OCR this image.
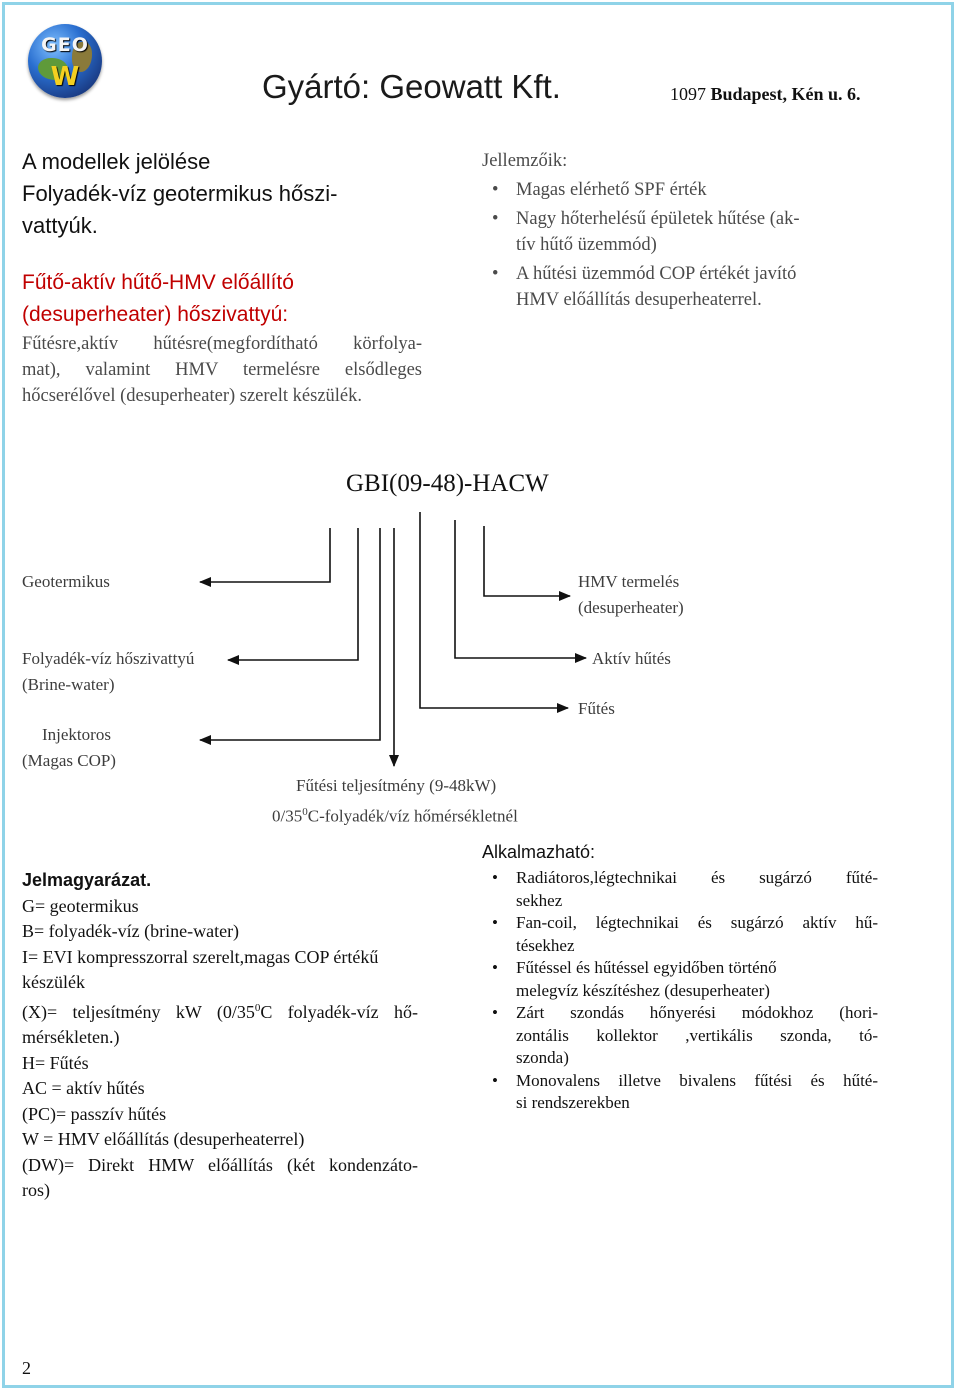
GEO
W	Gyártó: Geowatt Kft.	1097 Budapest, Kén u. 6.
A modellek jelölése
Folyadék-víz geotermikus hőszi-
vattyúk.
Fűtő-aktív hűtő-HMV előállító
(desuperheater) hőszivattyú:
Fűtésre,aktív hűtésre(megfordítható körfolya-
mat), valamint HMV termelésre elsődleges
hőcserélővel (desuperheater) szerelt készülék.
Jellemzőik:
• Magas elérhető SPF érték
• Nagy hőterhelésű épületek hűtése (ak-
tív hűtő üzemmód)
• A hűtési üzemmód COP értékét javító
HMV előállítás desuperheaterrel.
GBI(09-48)-HACW
Geotermikus	HMV termelés
(desuperheater)
Folyadék-víz hőszivattyú
(Brine-water)
Aktív hűtés
Fűtés
Injektoros
(Magas COP)
Fűtési teljesítmény (9-48kW)
$0/35^0C-folyadék$/víz hőmérsékletnél
Jelmagyarázat.
G= geotermikus
B= folyadék-víz (brine-water)
I= EVI kompresszorral szerelt,magas COP értékű
készülék
(X)= teljesítmény kW ($0/35^0C$ folyadék-víz hő-
mérsékleten.)
H= Fűtés
AC = aktív hűtés
(PC)= passzív hűtés
W = HMV előállítás (desuperheaterrel)
(DW)= Direkt HMW előállítás (két kondenzáto-
ros)
Alkalmazható:
• Radiátoros,légtechnikai és sugárzó fűté-
sekhez
• Fan-coil, légtechnikai és sugárzó aktív hű-
tésekhez
• Fűtéssel és hűtéssel egyidőben történő
melegvíz készítéshez (desuperheater)
• Zárt szondás hőnyerési módokhoz (hori-
zontális kollektor ,vertikális szonda, tó-
szonda)
• Monovalens illetve bivalens fűtési és hűté-
si rendszerekben
2
